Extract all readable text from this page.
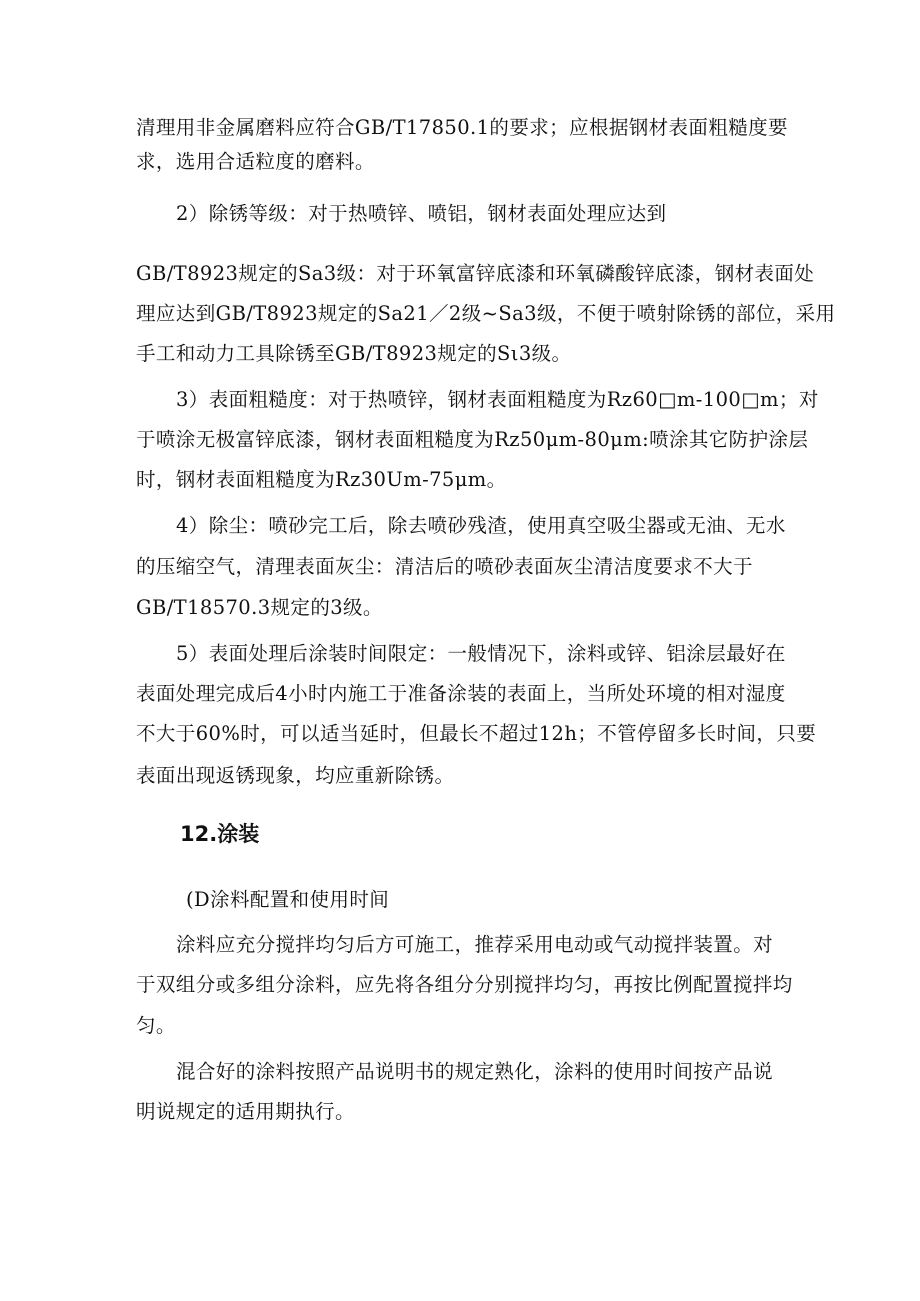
清理用非金属磨料应符合GB/T17850.1的要求；应根据钢材表面粗糙度要
求，选用合适粒度的磨料。
2）除锈等级：对于热喷锌、喷铝，钢材表面处理应达到
GB/T8923规定的Sa3级：对于环氧富锌底漆和环氧磷酸锌底漆，钢材表面处
理应达到GB/T8923规定的Sa21／2级~Sa3级，不便于喷射除锈的部位，采用
手工和动力工具除锈至GB/T8923规定的Sι3级。
3）表面粗糙度：对于热喷锌，钢材表面粗糙度为Rz60□m-100□m；对
于喷涂无极富锌底漆，钢材表面粗糙度为Rz50μm-80μm:喷涂其它防护涂层
时，钢材表面粗糙度为Rz30Um-75μm。
4）除尘：喷砂完工后，除去喷砂残渣，使用真空吸尘器或无油、无水
的压缩空气，清理表面灰尘：清洁后的喷砂表面灰尘清洁度要求不大于
GB/T18570.3规定的3级。
5）表面处理后涂装时间限定：一般情况下，涂料或锌、铝涂层最好在
表面处理完成后4小时内施工于准备涂装的表面上，当所处环境的相对湿度
不大于60%时，可以适当延时，但最长不超过12h；不管停留多长时间，只要
表面出现返锈现象，均应重新除锈。
12.涂装
(D涂料配置和使用时间
涂料应充分搅拌均匀后方可施工，推荐采用电动或气动搅拌装置。对
于双组分或多组分涂料，应先将各组分分别搅拌均匀，再按比例配置搅拌均
匀。
混合好的涂料按照产品说明书的规定熟化，涂料的使用时间按产品说
明说规定的适用期执行。
